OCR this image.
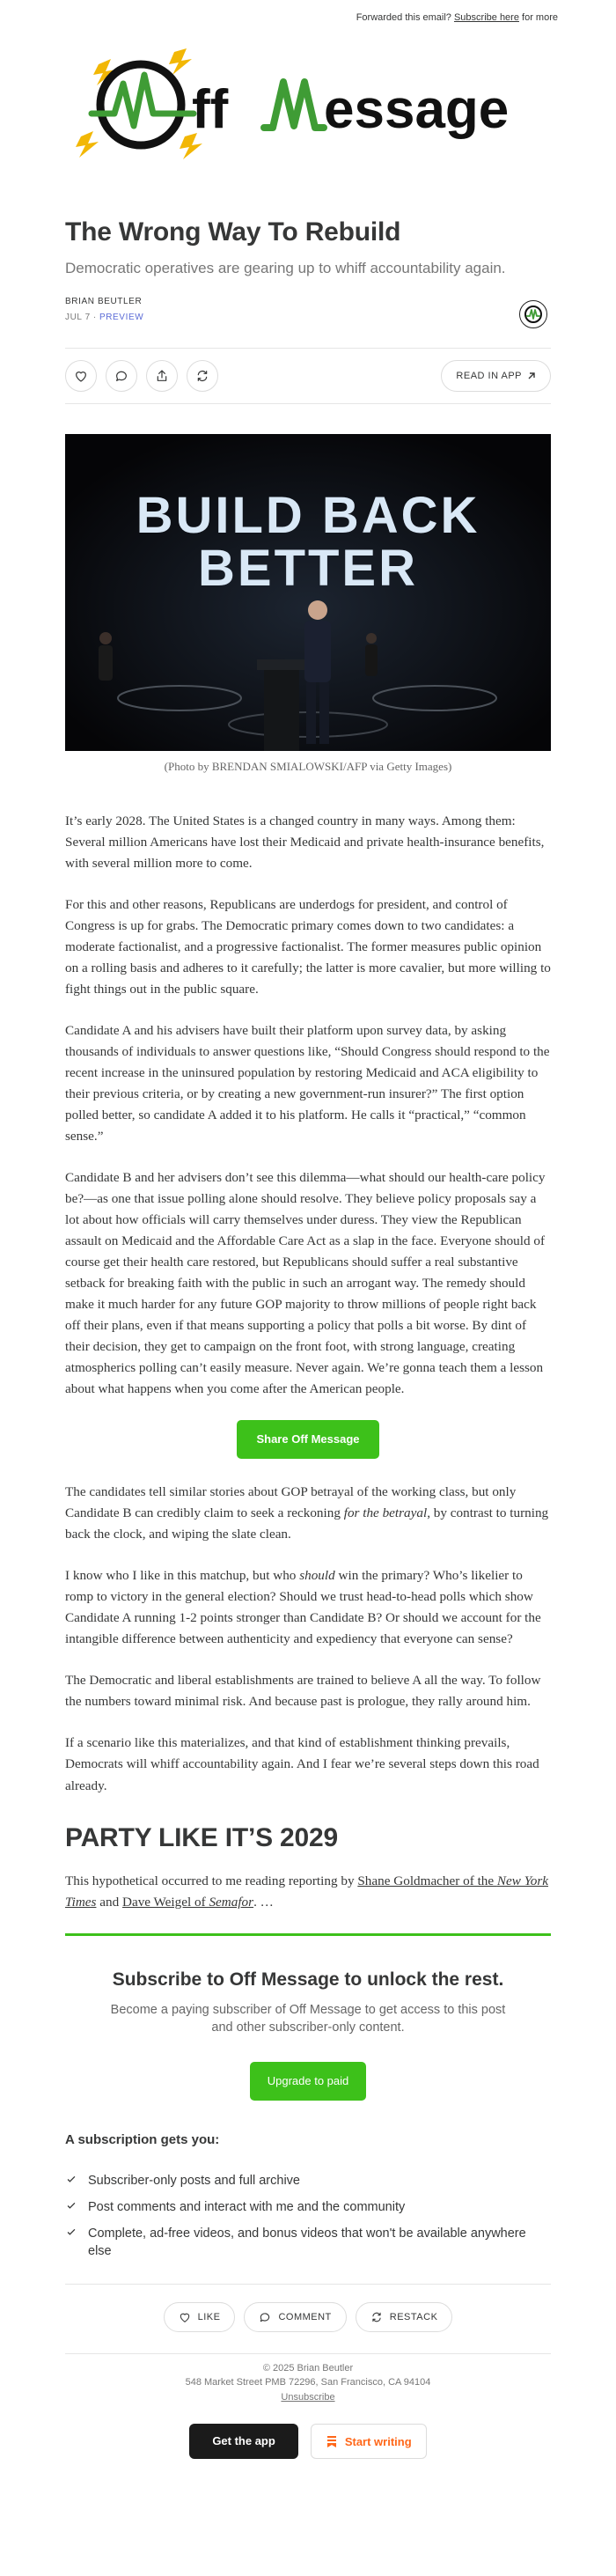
Forwarded this email? Subscribe here for more
ff essage
The Wrong Way To Rebuild
Democratic operatives are gearing up to whiff accountability again.
BRIAN BEUTLER
JUL 7 ∙ PREVIEW
READ IN APP
BUILD BACK
BETTER
(Photo by BRENDAN SMIALOWSKI/AFP via Getty Images)

It’s early 2028. The United States is a changed country in many ways. Among them: Several million Americans have lost their Medicaid and private health-insurance benefits, with several million more to come.

For this and other reasons, Republicans are underdogs for president, and control of Congress is up for grabs. The Democratic primary comes down to two candidates: a moderate factionalist, and a progressive factionalist. The former measures public opinion on a rolling basis and adheres to it carefully; the latter is more cavalier, but more willing to fight things out in the public square.

Candidate A and his advisers have built their platform upon survey data, by asking thousands of individuals to answer questions like, “Should Congress should respond to the recent increase in the uninsured population by restoring Medicaid and ACA eligibility to their previous criteria, or by creating a new government-run insurer?” The first option polled better, so candidate A added it to his platform. He calls it “practical,” “common sense.”

Candidate B and her advisers don’t see this dilemma—what should our health-care policy be?—as one that issue polling alone should resolve. They believe policy proposals say a lot about how officials will carry themselves under duress. They view the Republican assault on Medicaid and the Affordable Care Act as a slap in the face. Everyone should of course get their health care restored, but Republicans should suffer a real substantive setback for breaking faith with the public in such an arrogant way. The remedy should make it much harder for any future GOP majority to throw millions of people right back off their plans, even if that means supporting a policy that polls a bit worse. By dint of their decision, they get to campaign on the front foot, with strong language, creating atmospherics polling can’t easily measure. Never again. We’re gonna teach them a lesson about what happens when you come after the American people.

Share Off Message

The candidates tell similar stories about GOP betrayal of the working class, but only Candidate B can credibly claim to seek a reckoning for the betrayal, by contrast to turning back the clock, and wiping the slate clean.

I know who I like in this matchup, but who should win the primary? Who’s likelier to romp to victory in the general election? Should we trust head-to-head polls which show Candidate A running 1-2 points stronger than Candidate B? Or should we account for the intangible difference between authenticity and expediency that everyone can sense?

The Democratic and liberal establishments are trained to believe A all the way. To follow the numbers toward minimal risk. And because past is prologue, they rally around him.

If a scenario like this materializes, and that kind of establishment thinking prevails, Democrats will whiff accountability again. And I fear we’re several steps down this road already.

PARTY LIKE IT’S 2029

This hypothetical occurred to me reading reporting by Shane Goldmacher of the New York Times and Dave Weigel of Semafor. …

Subscribe to Off Message to unlock the rest.
Become a paying subscriber of Off Message to get access to this post and other subscriber-only content.
Upgrade to paid
A subscription gets you:
Subscriber-only posts and full archive
Post comments and interact with me and the community
Complete, ad-free videos, and bonus videos that won't be available anywhere else
LIKE	COMMENT	RESTACK
© 2025 Brian Beutler
548 Market Street PMB 72296, San Francisco, CA 94104
Unsubscribe
Get the app	Start writing
